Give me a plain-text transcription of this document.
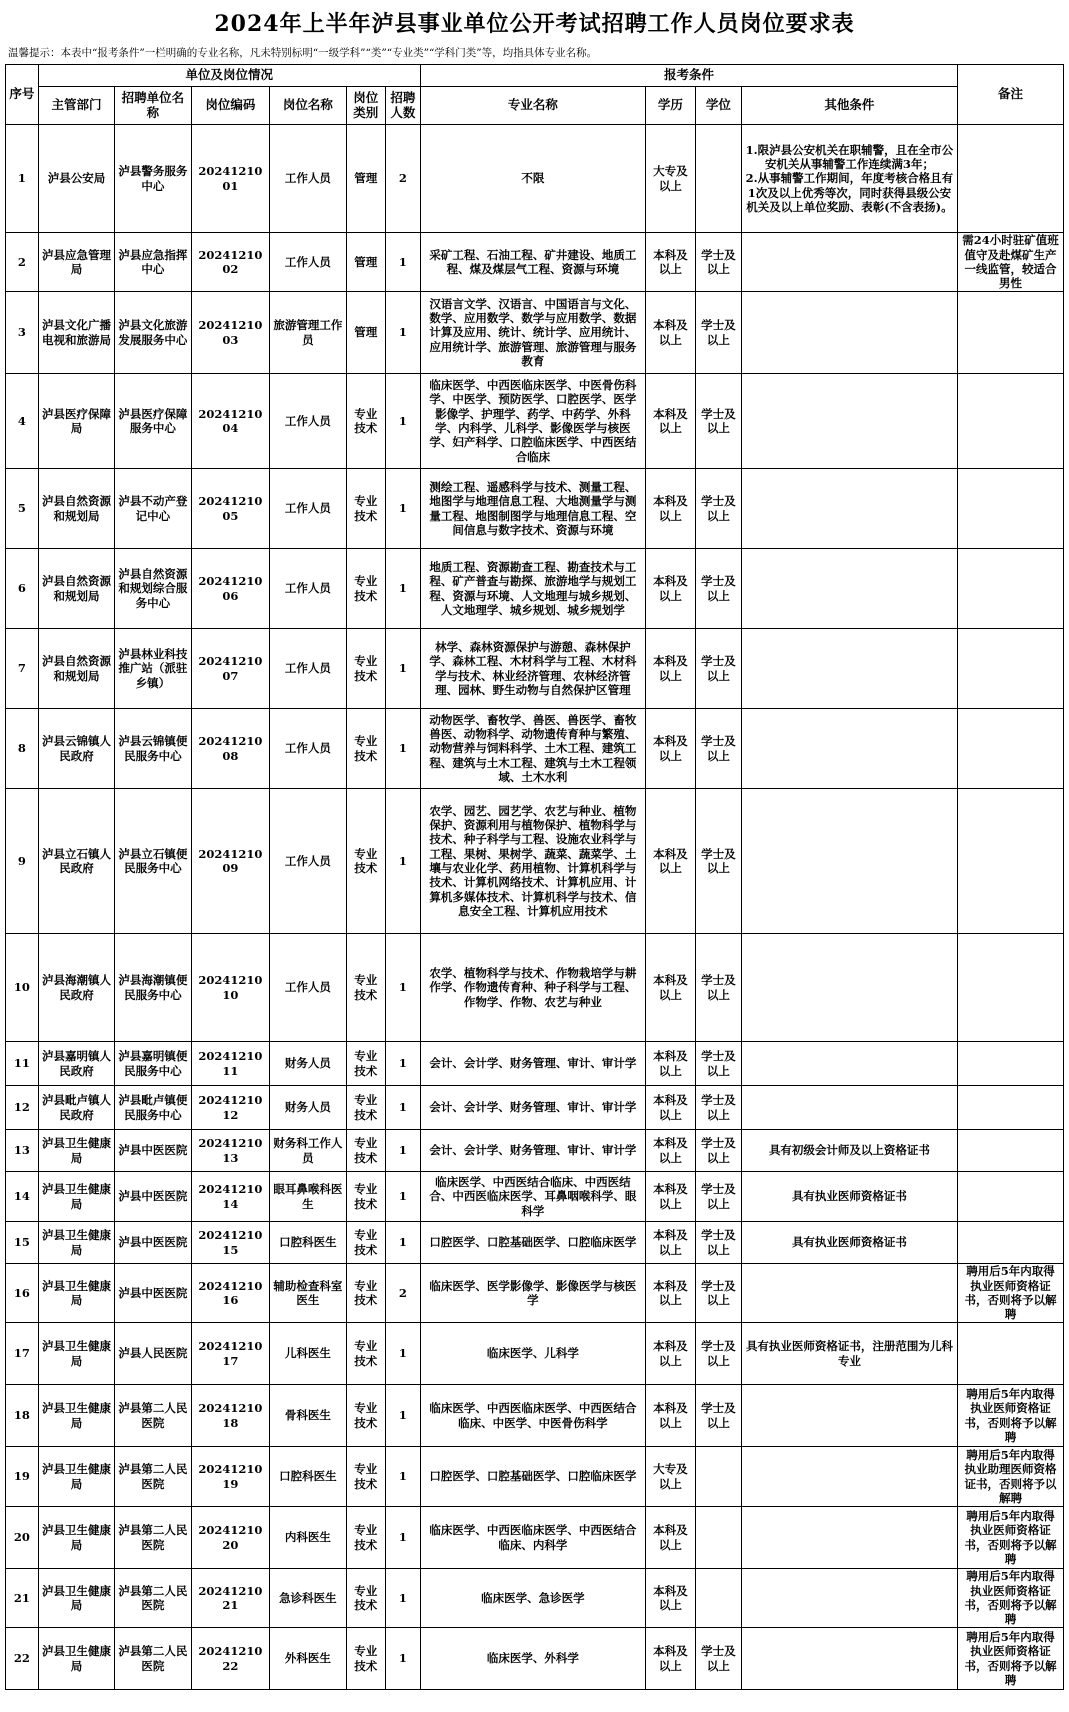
2024年上半年泸县事业单位公开考试招聘工作人员岗位要求表
温馨提示：本表中“报考条件”一栏明确的专业名称，凡未特别标明“一级学科”“类”“专业类”“学科门类”等，均指具体专业名称。
序号	单位及岗位情况						报考条件				备注
	主管部门	招聘单位名称	岗位编码	岗位名称	岗位类别	招聘人数	专业名称	学历	学位	其他条件	
1	泸县公安局	泸县警务服务中心	2024121001	工作人员	管理	2	不限	大专及以上		1.限泸县公安机关在职辅警，且在全市公安机关从事辅警工作连续满3年；
2.从事辅警工作期间，年度考核合格且有1次及以上优秀等次，同时获得县级公安机关及以上单位奖励、表彰(不含表扬)。	
2	泸县应急管理局	泸县应急指挥中心	2024121002	工作人员	管理	1	采矿工程、石油工程、矿井建设、地质工程、煤及煤层气工程、资源与环境	本科及以上	学士及以上		需24小时驻矿值班值守及赴煤矿生产一线监管，较适合男性
3	泸县文化广播电视和旅游局	泸县文化旅游发展服务中心	2024121003	旅游管理工作员	管理	1	汉语言文学、汉语言、中国语言与文化、数学、应用数学、数学与应用数学、数据计算及应用、统计、统计学、应用统计、应用统计学、旅游管理、旅游管理与服务教育	本科及以上	学士及以上		
4	泸县医疗保障局	泸县医疗保障服务中心	2024121004	工作人员	专业技术	1	临床医学、中西医临床医学、中医骨伤科学、中医学、预防医学、口腔医学、医学影像学、护理学、药学、中药学、外科学、内科学、儿科学、影像医学与核医学、妇产科学、口腔临床医学、中西医结合临床	本科及以上	学士及以上		
5	泸县自然资源和规划局	泸县不动产登记中心	2024121005	工作人员	专业技术	1	测绘工程、遥感科学与技术、测量工程、地图学与地理信息工程、大地测量学与测量工程、地图制图学与地理信息工程、空间信息与数字技术、资源与环境	本科及以上	学士及以上		
6	泸县自然资源和规划局	泸县自然资源和规划综合服务中心	2024121006	工作人员	专业技术	1	地质工程、资源勘查工程、勘查技术与工程、矿产普查与勘探、旅游地学与规划工程、资源与环境、人文地理与城乡规划、人文地理学、城乡规划、城乡规划学	本科及以上	学士及以上		
7	泸县自然资源和规划局	泸县林业科技推广站（派驻乡镇）	2024121007	工作人员	专业技术	1	林学、森林资源保护与游憩、森林保护学、森林工程、木材科学与工程、木材科学与技术、林业经济管理、农林经济管理、园林、野生动物与自然保护区管理	本科及以上	学士及以上		
8	泸县云锦镇人民政府	泸县云锦镇便民服务中心	2024121008	工作人员	专业技术	1	动物医学、畜牧学、兽医、兽医学、畜牧兽医、动物科学、动物遗传育种与繁殖、动物营养与饲料科学、土木工程、建筑工程、建筑与土木工程、建筑与土木工程领域、土木水利	本科及以上	学士及以上		
9	泸县立石镇人民政府	泸县立石镇便民服务中心	2024121009	工作人员	专业技术	1	农学、园艺、园艺学、农艺与种业、植物保护、资源利用与植物保护、植物科学与技术、种子科学与工程、设施农业科学与工程、果树、果树学、蔬菜、蔬菜学、土壤与农业化学、药用植物、计算机科学与技术、计算机网络技术、计算机应用、计算机多媒体技术、计算机科学与技术、信息安全工程、计算机应用技术	本科及以上	学士及以上		
10	泸县海潮镇人民政府	泸县海潮镇便民服务中心	2024121010	工作人员	专业技术	1	农学、植物科学与技术、作物栽培学与耕作学、作物遗传育种、种子科学与工程、作物学、作物、农艺与种业	本科及以上	学士及以上		
11	泸县嘉明镇人民政府	泸县嘉明镇便民服务中心	2024121011	财务人员	专业技术	1	会计、会计学、财务管理、审计、审计学	本科及以上	学士及以上		
12	泸县毗卢镇人民政府	泸县毗卢镇便民服务中心	2024121012	财务人员	专业技术	1	会计、会计学、财务管理、审计、审计学	本科及以上	学士及以上		
13	泸县卫生健康局	泸县中医医院	2024121013	财务科工作人员	专业技术	1	会计、会计学、财务管理、审计、审计学	本科及以上	学士及以上	具有初级会计师及以上资格证书	
14	泸县卫生健康局	泸县中医医院	2024121014	眼耳鼻喉科医生	专业技术	1	临床医学、中西医结合临床、中西医结合、中西医临床医学、耳鼻咽喉科学、眼科学	本科及以上	学士及以上	具有执业医师资格证书	
15	泸县卫生健康局	泸县中医医院	2024121015	口腔科医生	专业技术	1	口腔医学、口腔基础医学、口腔临床医学	本科及以上	学士及以上	具有执业医师资格证书	
16	泸县卫生健康局	泸县中医医院	2024121016	辅助检查科室医生	专业技术	2	临床医学、医学影像学、影像医学与核医学	本科及以上	学士及以上		聘用后5年内取得执业医师资格证书，否则将予以解聘
17	泸县卫生健康局	泸县人民医院	2024121017	儿科医生	专业技术	1	临床医学、儿科学	本科及以上	学士及以上	具有执业医师资格证书，注册范围为儿科专业	
18	泸县卫生健康局	泸县第二人民医院	2024121018	骨科医生	专业技术	1	临床医学、中西医临床医学、中西医结合临床、中医学、中医骨伤科学	本科及以上	学士及以上		聘用后5年内取得执业医师资格证书，否则将予以解聘
19	泸县卫生健康局	泸县第二人民医院	2024121019	口腔科医生	专业技术	1	口腔医学、口腔基础医学、口腔临床医学	大专及以上			聘用后5年内取得执业助理医师资格证书，否则将予以解聘
20	泸县卫生健康局	泸县第二人民医院	2024121020	内科医生	专业技术	1	临床医学、中西医临床医学、中西医结合临床、内科学	本科及以上			聘用后5年内取得执业医师资格证书，否则将予以解聘
21	泸县卫生健康局	泸县第二人民医院	2024121021	急诊科医生	专业技术	1	临床医学、急诊医学	本科及以上			聘用后5年内取得执业医师资格证书，否则将予以解聘
22	泸县卫生健康局	泸县第二人民医院	2024121022	外科医生	专业技术	1	临床医学、外科学	本科及以上	学士及以上		聘用后5年内取得执业医师资格证书，否则将予以解聘
